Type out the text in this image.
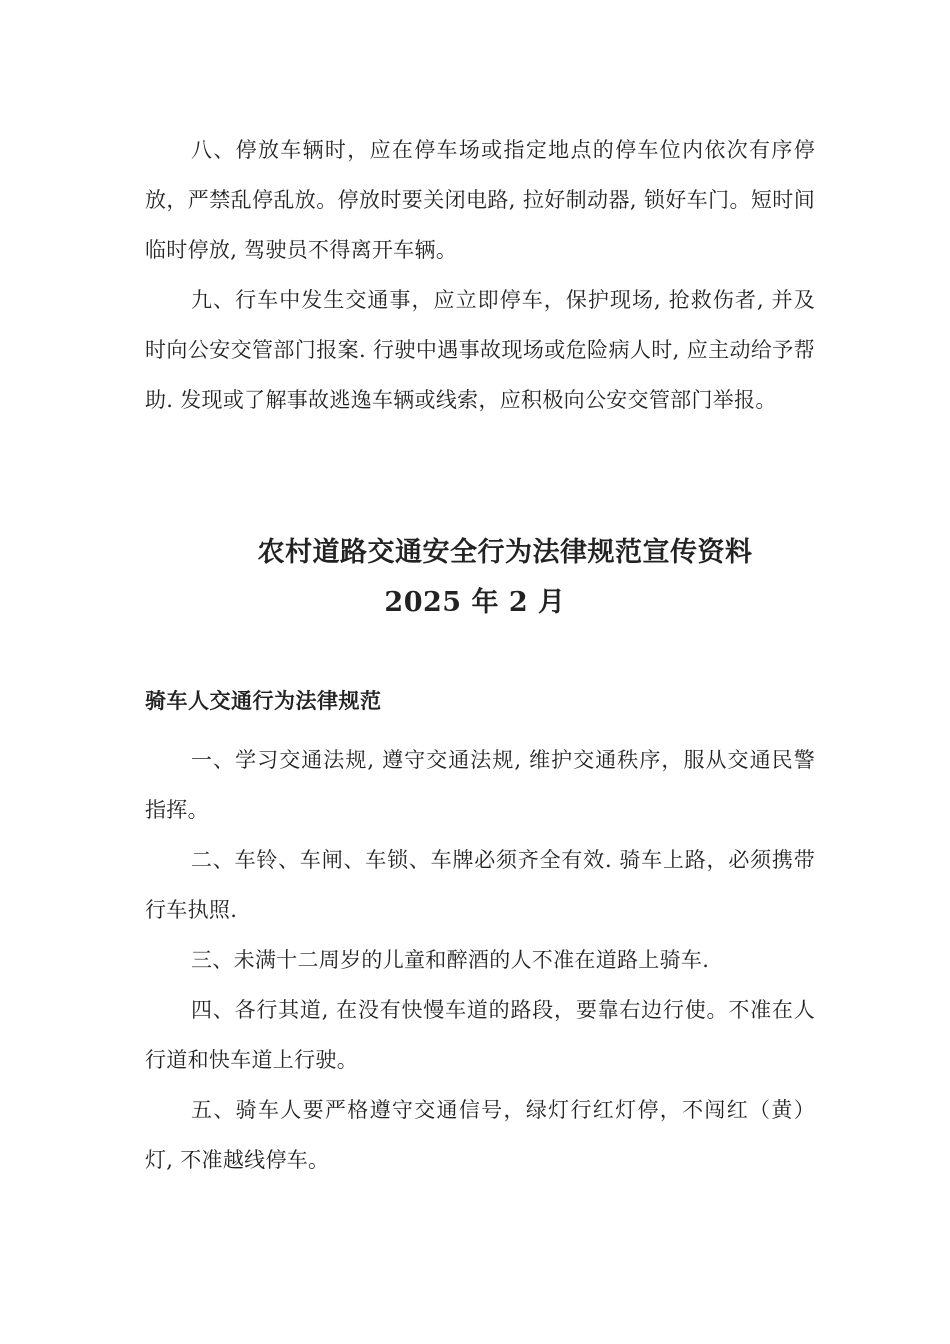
八、停放车辆时，应在停车场或指定地点的停车位内依次有序停放，严禁乱停乱放。停放时要关闭电路, 拉好制动器, 锁好车门。短时间临时停放, 驾驶员不得离开车辆。

九、行车中发生交通事，应立即停车，保护现场, 抢救伤者, 并及时向公安交管部门报案. 行驶中遇事故现场或危险病人时, 应主动给予帮助. 发现或了解事故逃逸车辆或线索，应积极向公安交管部门举报。

农村道路交通安全行为法律规范宣传资料
2025 年 2 月
骑车人交通行为法律规范

一、学习交通法规, 遵守交通法规, 维护交通秩序，服从交通民警指挥。

二、车铃、车闸、车锁、车牌必须齐全有效. 骑车上路，必须携带行车执照.

三、未满十二周岁的儿童和醉酒的人不准在道路上骑车.

四、各行其道, 在没有快慢车道的路段，要靠右边行使。不准在人行道和快车道上行驶。

五、骑车人要严格遵守交通信号，绿灯行红灯停，不闯红（黄）灯, 不准越线停车。
